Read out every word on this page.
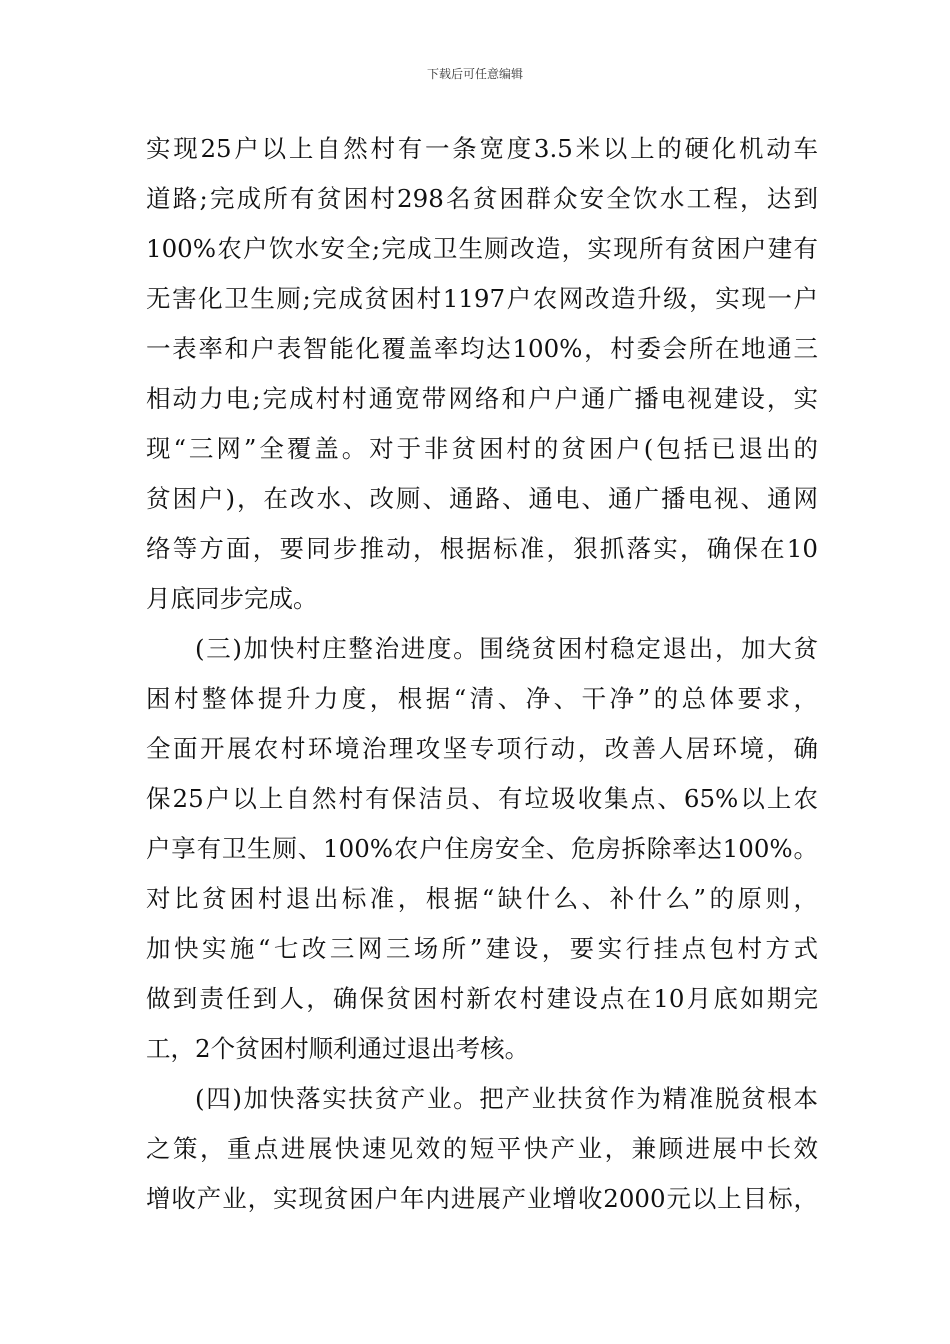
下载后可任意编辑
实现25户以上自然村有一条宽度3.5米以上的硬化机动车
道路;完成所有贫困村298名贫困群众安全饮水工程，达到
100%农户饮水安全;完成卫生厕改造，实现所有贫困户建有
无害化卫生厕;完成贫困村1197户农网改造升级，实现一户
一表率和户表智能化覆盖率均达100%，村委会所在地通三
相动力电;完成村村通宽带网络和户户通广播电视建设，实
现“三网”全覆盖。对于非贫困村的贫困户(包括已退出的
贫困户)，在改水、改厕、通路、通电、通广播电视、通网
络等方面，要同步推动，根据标准，狠抓落实，确保在10
月底同步完成。
(三)加快村庄整治进度。围绕贫困村稳定退出，加大贫
困村整体提升力度，根据“清、净、干净”的总体要求，
全面开展农村环境治理攻坚专项行动，改善人居环境，确
保25户以上自然村有保洁员、有垃圾收集点、65%以上农
户享有卫生厕、100%农户住房安全、危房拆除率达100%。
对比贫困村退出标准，根据“缺什么、补什么”的原则，
加快实施“七改三网三场所”建设，要实行挂点包村方式
做到责任到人，确保贫困村新农村建设点在10月底如期完
工，2个贫困村顺利通过退出考核。
(四)加快落实扶贫产业。把产业扶贫作为精准脱贫根本
之策，重点进展快速见效的短平快产业，兼顾进展中长效
增收产业，实现贫困户年内进展产业增收2000元以上目标，
